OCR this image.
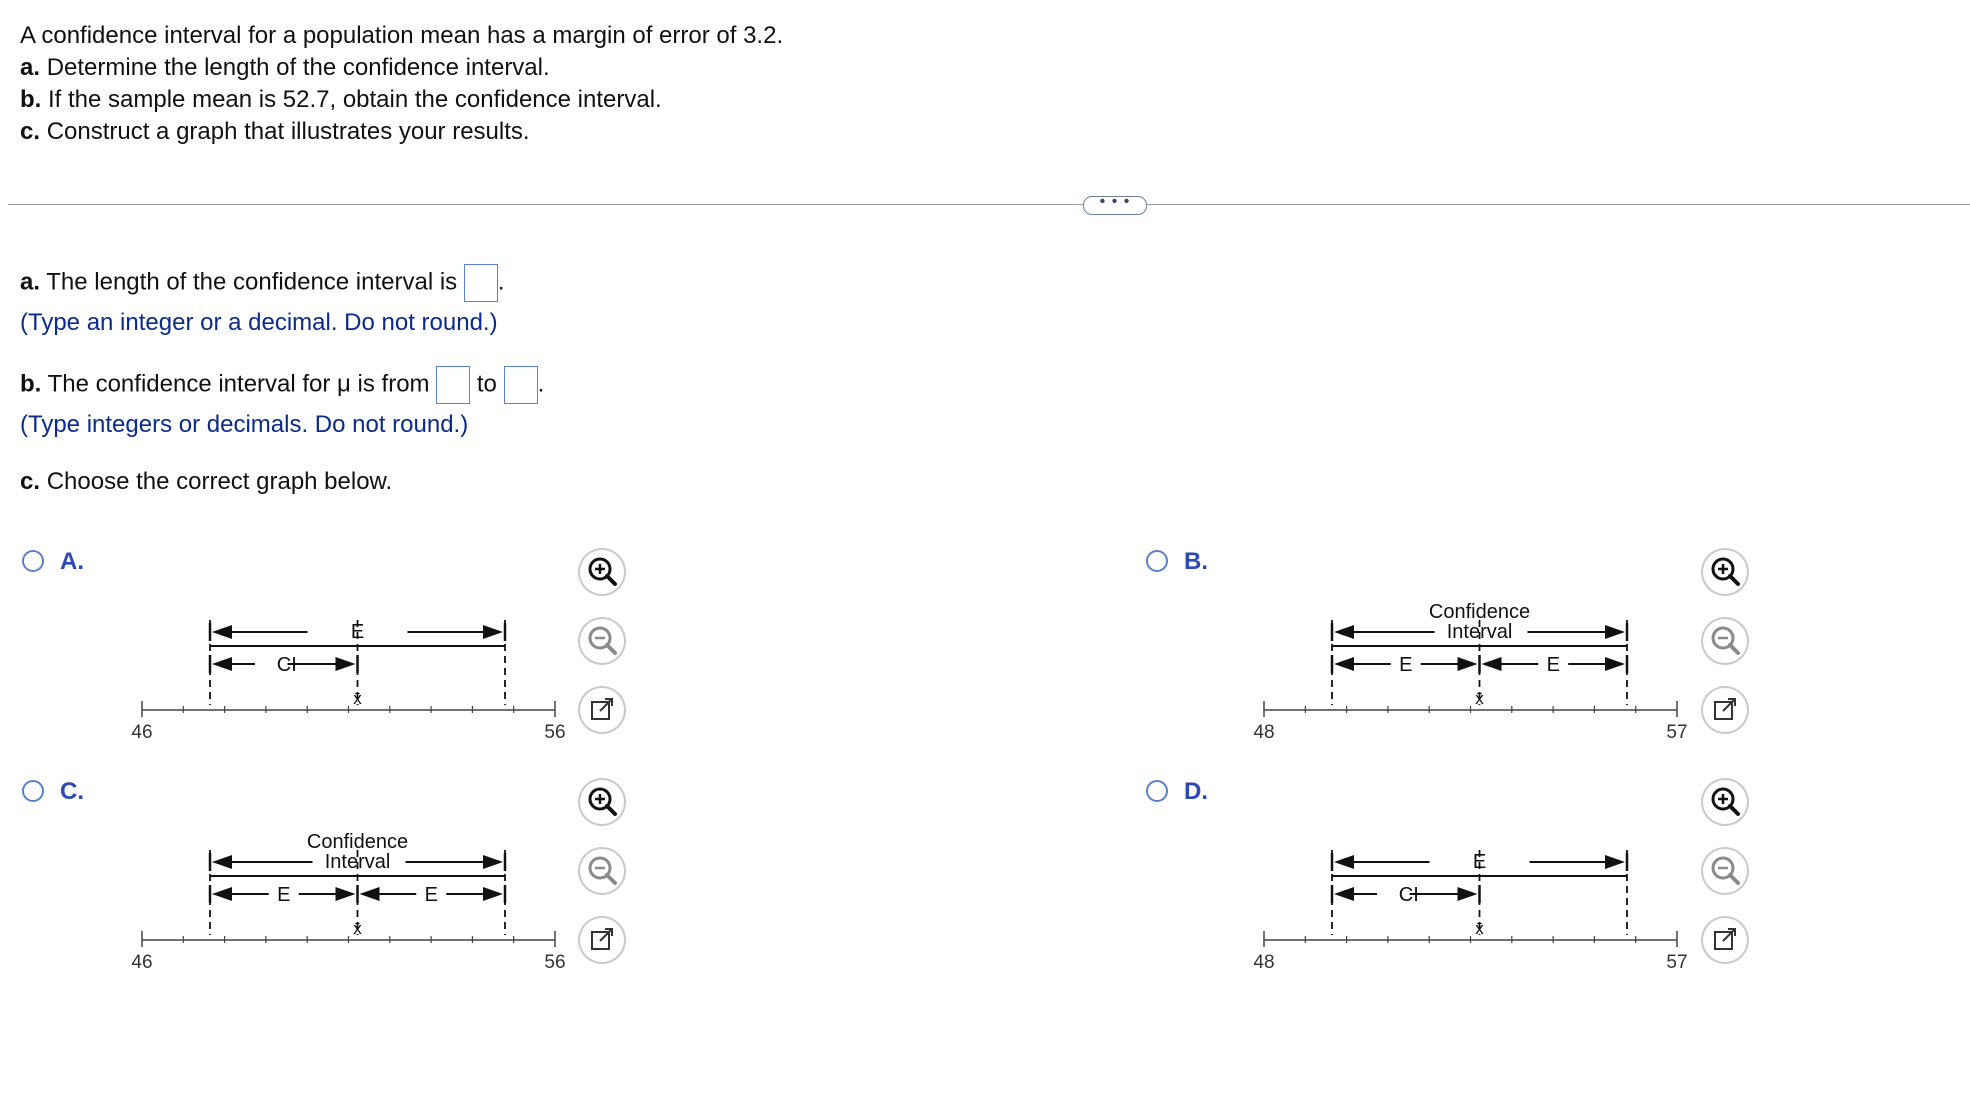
A confidence interval for a population mean has a margin of error of 3.2.
a. Determine the length of the confidence interval.
b. If the sample mean is 52.7, obtain the confidence interval.
c. Construct a graph that illustrates your results.
• • •
a. The length of the confidence interval is .
(Type an integer or a decimal. Do not round.)
b. The confidence interval for μ is from to .
(Type integers or decimals. Do not round.)
c. Choose the correct graph below.
A.	B.
C.	D.
46	56
x̄
E
CI
48	57
x̄
Confidence
Interval
E	E
46	56
x̄
Confidence
Interval
E	E
48	57
x̄
E
CI
